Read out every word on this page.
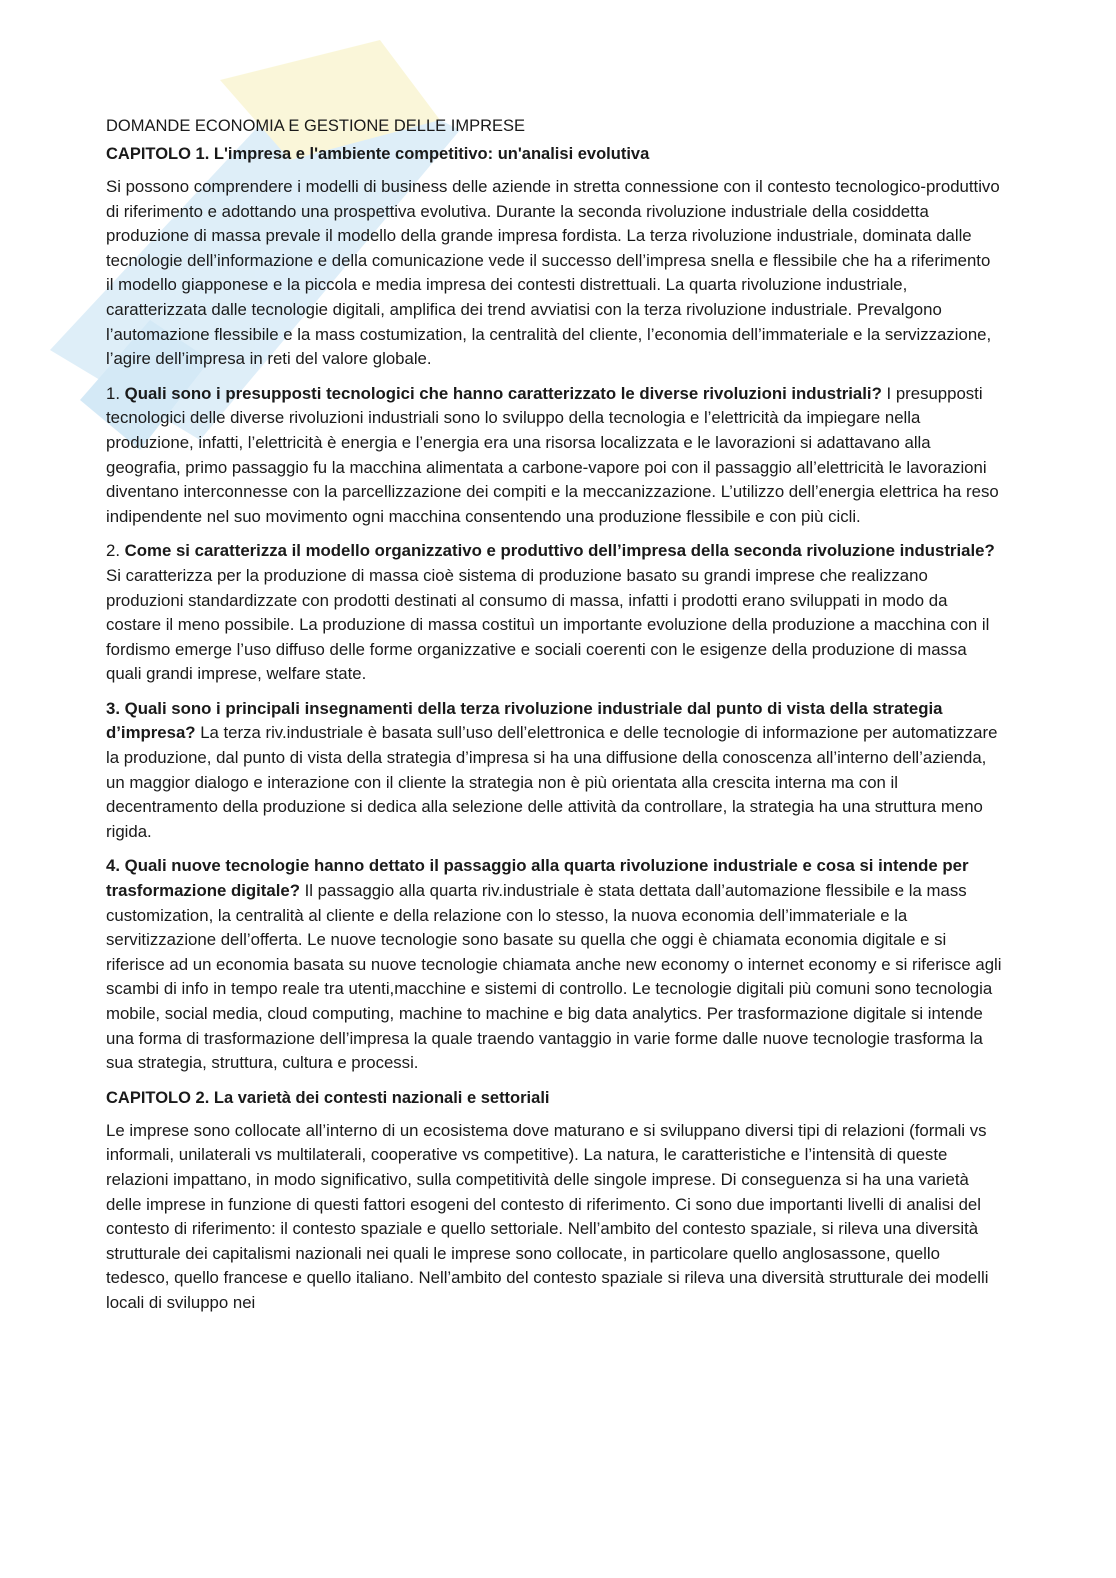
DOMANDE ECONOMIA E GESTIONE DELLE IMPRESE
CAPITOLO 1. L'impresa e l'ambiente competitivo: un'analisi evolutiva

Si possono comprendere i modelli di business delle aziende in stretta connessione con il contesto tecnologico-produttivo di riferimento e adottando una prospettiva evolutiva. Durante la seconda rivoluzione industriale della cosiddetta produzione di massa prevale il modello della grande impresa fordista. La terza rivoluzione industriale, dominata dalle tecnologie dell’informazione e della comunicazione vede il successo dell’impresa snella e flessibile che ha a riferimento il modello giapponese e la piccola e media impresa dei contesti distrettuali. La quarta rivoluzione industriale, caratterizzata dalle tecnologie digitali, amplifica dei trend avviatisi con la terza rivoluzione industriale. Prevalgono l’automazione flessibile e la mass costumization, la centralità del cliente, l’economia dell’immateriale e la servizzazione, l’agire dell’impresa in reti del valore globale.

1. Quali sono i presupposti tecnologici che hanno caratterizzato le diverse rivoluzioni industriali? I presupposti tecnologici delle diverse rivoluzioni industriali sono lo sviluppo della tecnologia e l’elettricità da impiegare nella produzione, infatti, l’elettricità è energia e l’energia era una risorsa localizzata e le lavorazioni si adattavano alla geografia, primo passaggio fu la macchina alimentata a carbone-vapore poi con il passaggio all’elettricità le lavorazioni diventano interconnesse con la parcellizzazione dei compiti e la meccanizzazione. L’utilizzo dell’energia elettrica ha reso indipendente nel suo movimento ogni macchina consentendo una produzione flessibile e con più cicli.

2. Come si caratterizza il modello organizzativo e produttivo dell’impresa della seconda rivoluzione industriale? Si caratterizza per la produzione di massa cioè sistema di produzione basato su grandi imprese che realizzano produzioni standardizzate con prodotti destinati al consumo di massa, infatti i prodotti erano sviluppati in modo da costare il meno possibile. La produzione di massa costituì un importante evoluzione della produzione a macchina con il fordismo emerge l’uso diffuso delle forme organizzative e sociali coerenti con le esigenze della produzione di massa quali grandi imprese, welfare state.

3. Quali sono i principali insegnamenti della terza rivoluzione industriale dal punto di vista della strategia d’impresa? La terza riv.industriale è basata sull’uso dell’elettronica e delle tecnologie di informazione per automatizzare la produzione, dal punto di vista della strategia d’impresa si ha una diffusione della conoscenza all’interno dell’azienda, un maggior dialogo e interazione con il cliente la strategia non è più orientata alla crescita interna ma con il decentramento della produzione si dedica alla selezione delle attività da controllare, la strategia ha una struttura meno rigida.

4. Quali nuove tecnologie hanno dettato il passaggio alla quarta rivoluzione industriale e cosa si intende per trasformazione digitale? Il passaggio alla quarta riv.industriale è stata dettata dall’automazione flessibile e la mass customization, la centralità al cliente e della relazione con lo stesso, la nuova economia dell’immateriale e la servitizzazione dell’offerta. Le nuove tecnologie sono basate su quella che oggi è chiamata economia digitale e si riferisce ad un economia basata su nuove tecnologie chiamata anche new economy o internet economy e si riferisce agli scambi di info in tempo reale tra utenti,macchine e sistemi di controllo. Le tecnologie digitali più comuni sono tecnologia mobile, social media, cloud computing, machine to machine e big data analytics. Per trasformazione digitale si intende una forma di trasformazione dell’impresa la quale traendo vantaggio in varie forme dalle nuove tecnologie trasforma la sua strategia, struttura, cultura e processi.

CAPITOLO 2. La varietà dei contesti nazionali e settoriali

Le imprese sono collocate all’interno di un ecosistema dove maturano e si sviluppano diversi tipi di relazioni (formali vs informali, unilaterali vs multilaterali, cooperative vs competitive). La natura, le caratteristiche e l’intensità di queste relazioni impattano, in modo significativo, sulla competitività delle singole imprese. Di conseguenza si ha una varietà delle imprese in funzione di questi fattori esogeni del contesto di riferimento. Ci sono due importanti livelli di analisi del contesto di riferimento: il contesto spaziale e quello settoriale. Nell’ambito del contesto spaziale, si rileva una diversità strutturale dei capitalismi nazionali nei quali le imprese sono collocate, in particolare quello anglosassone, quello tedesco, quello francese e quello italiano. Nell’ambito del contesto spaziale si rileva una diversità strutturale dei modelli locali di sviluppo nei
